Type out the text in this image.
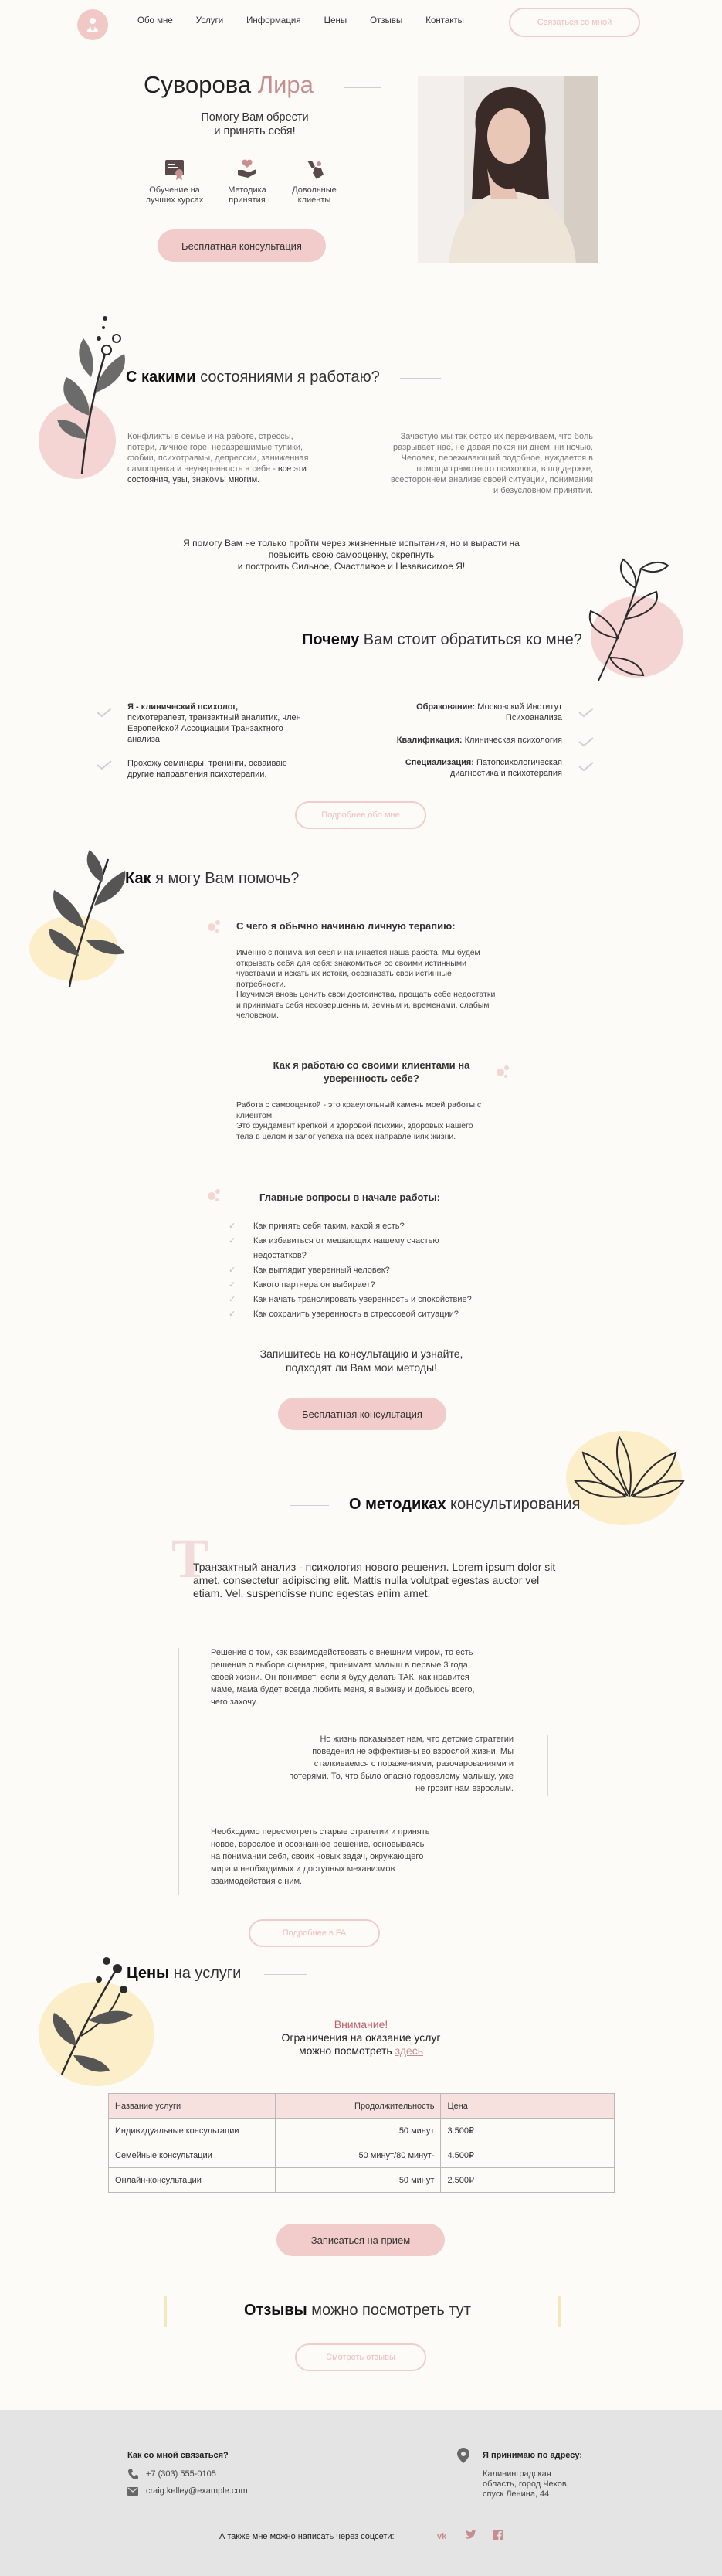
Обо мне	Услуги	Информация	Цены	Отзывы	Контакты	Связаться со мной
Суворова Лира
Помогу Вам обрести
и принять себя!
Обучение на
лучших курсах
Методика
принятия
Довольные
клиенты
Бесплатная консультация
С какими состояниями я работаю?
Конфликты в семье и на работе, стрессы, потери, личное горе, неразрешимые тупики, фобии, психотравмы, депрессии, заниженная самооценка и неуверенность в себе - все эти состояния, увы, знакомы многим.
Зачастую мы так остро их переживаем, что боль разрывает нас, не давая покоя ни днем, ни ночью. Человек, переживающий подобное, нуждается в помощи грамотного психолога, в поддержке, всестороннем анализе своей ситуации, понимании и безусловном принятии.
Я помогу Вам не только пройти через жизненные испытания, но и вырасти на
повысить свою самооценку, окрепнуть
и построить Сильное, Счастливое и Независимое Я!
Почему Вам стоит обратиться ко мне?
Я - клинический психолог,
психотерапевт, транзактный аналитик, член Европейской Ассоциации Транзактного анализа.
Прохожу семинары, тренинги, оcваиваю другие направления психотерапии.
Образование: Московский Институт Психоанализа
Квалификация: Клиническая психология
Специализация: Патопсихологическая диагностика и психотерапия
Подробнее обо мне
Как я могу Вам помочь?
С чего я обычно начинаю личную терапию:
Именно с понимания себя и начинается наша работа. Мы будем открывать себя для себя: знакомиться со своими истинными чувствами и искать их истоки, осознавать свои истинные потребности.
Научимся вновь ценить свои достоинства, прощать себе недостатки и принимать себя несовершенным, земным и, временами, слабым человеком.
Как я работаю со своими клиентами на
уверенность себе?
Работа с самооценкой - это краеугольный камень моей работы с клиентом.
Это фундамент крепкой и здоровой психики, здоровых нашего тела в целом и залог успеха на всех направлениях жизни.
Главные вопросы в начале работы:
✓	Как принять себя таким, какой я есть?
✓	Как избавиться от мешающих нашему счастью недостатков?
✓	Как выглядит уверенный человек?
✓	Какого партнера он выбирает?
✓	Как начать транслировать уверенность и спокойствие?
✓	Как сохранить уверенность в стрессовой ситуации?
Запишитесь на консультацию и узнайте,
подходят ли Вам мои методы!
Бесплатная консультация
О методиках консультирования
Т
Транзактный анализ - психология нового решения. Lorem ipsum dolor sit amet, consectetur adipiscing elit. Mattis nulla volutpat egestas auctor vel etiam. Vel, suspendisse nunc egestas enim amet.
Решение о том, как взаимодействовать с внешним миром, то есть решение о выборе сценария, принимает малыш в первые 3 года своей жизни. Он понимает: если я буду делать ТАК, как нравится маме, мама будет всегда любить меня, я выживу и добьюсь всего, чего захочу.
Но жизнь показывает нам, что детские стратегии поведения не эффективны во взрослой жизни. Мы сталкиваемся с поражениями, разочарованиями и потерями. То, что было опасно годовалому малышу, уже не грозит нам взрослым.
Необходимо пересмотреть старые стратегии и принять новое, взрослое и осознанное решение, основываясь на понимании себя, своих новых задач, окружающего мира и необходимых и доступных механизмов взаимодействия с ним.
Подробнее в FA
Цены на услуги
Внимание!
Ограничения на оказание услуг
можно посмотреть здесь
Название услуги	Продолжительность	Цена
Индивидуальные консультации	50 минут	3.500₽
Семейные консультации	50 минут/80 минут-	4.500₽
Онлайн-консультации	50 минут	2.500₽
Записаться на прием
Отзывы можно посмотреть тут
Смотреть отзывы
Как со мной связаться?
+7 (303) 555-0105
craig.kelley@example.com
Я принимаю по адресу:
Калининградская
область, город Чехов,
спуск Ленина, 44
А также мне можно написать через соцсети:	vk
